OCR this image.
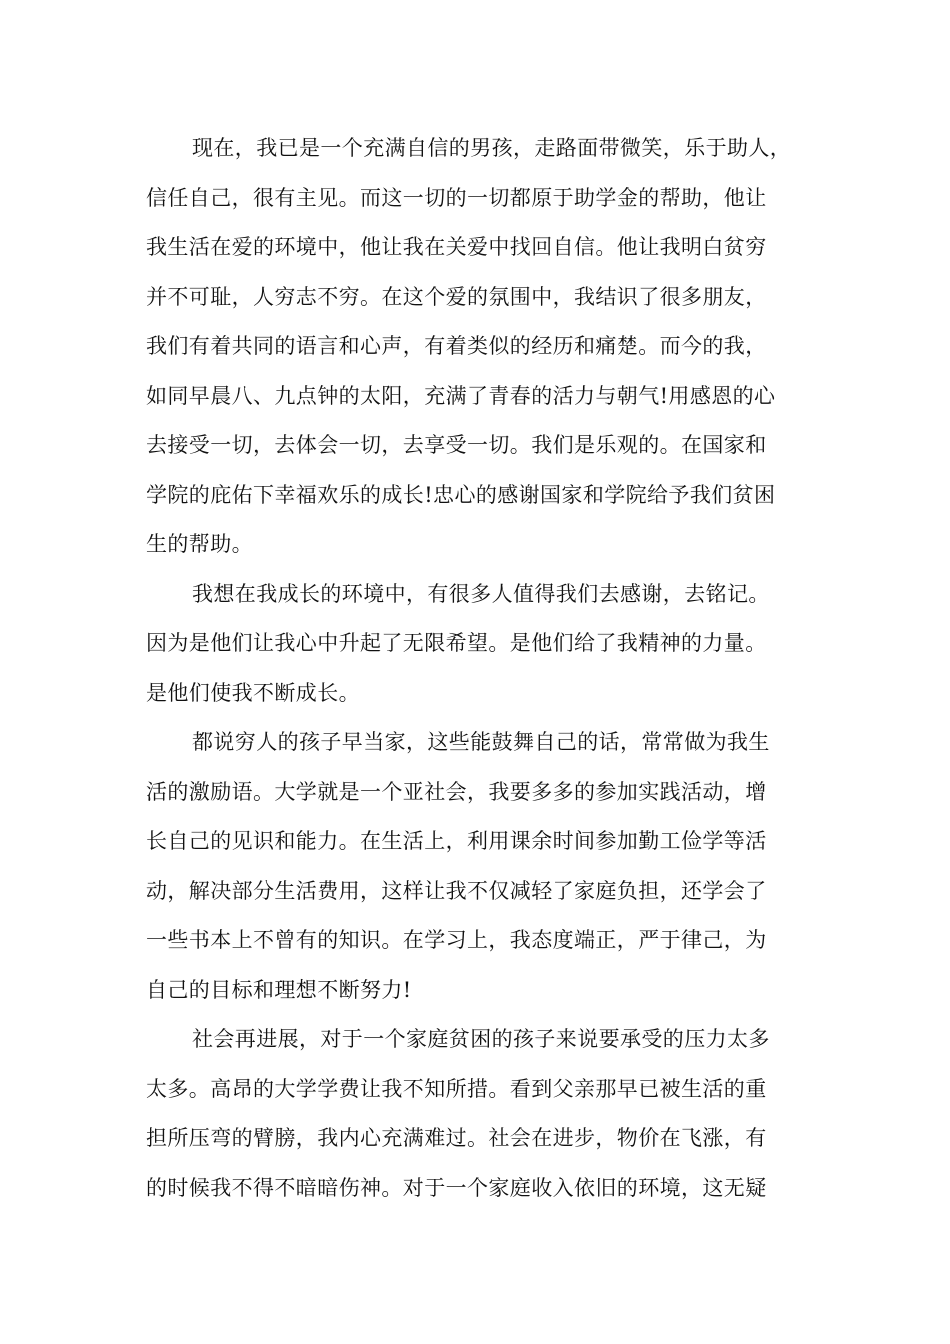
现在，我已是一个充满自信的男孩，走路面带微笑，乐于助人，
信任自己，很有主见。而这一切的一切都原于助学金的帮助，他让
我生活在爱的环境中，他让我在关爱中找回自信。他让我明白贫穷
并不可耻，人穷志不穷。在这个爱的氛围中，我结识了很多朋友，
我们有着共同的语言和心声，有着类似的经历和痛楚。而今的我，
如同早晨八、九点钟的太阳，充满了青春的活力与朝气!用感恩的心
去接受一切，去体会一切，去享受一切。我们是乐观的。在国家和
学院的庇佑下幸福欢乐的成长!忠心的感谢国家和学院给予我们贫困
生的帮助。
我想在我成长的环境中，有很多人值得我们去感谢，去铭记。
因为是他们让我心中升起了无限希望。是他们给了我精神的力量。
是他们使我不断成长。
都说穷人的孩子早当家，这些能鼓舞自己的话，常常做为我生
活的激励语。大学就是一个亚社会，我要多多的参加实践活动，增
长自己的见识和能力。在生活上，利用课余时间参加勤工俭学等活
动，解决部分生活费用，这样让我不仅减轻了家庭负担，还学会了
一些书本上不曾有的知识。在学习上，我态度端正，严于律己，为
自己的目标和理想不断努力!
社会再进展，对于一个家庭贫困的孩子来说要承受的压力太多
太多。高昂的大学学费让我不知所措。看到父亲那早已被生活的重
担所压弯的臂膀，我内心充满难过。社会在进步，物价在飞涨，有
的时候我不得不暗暗伤神。对于一个家庭收入依旧的环境，这无疑
